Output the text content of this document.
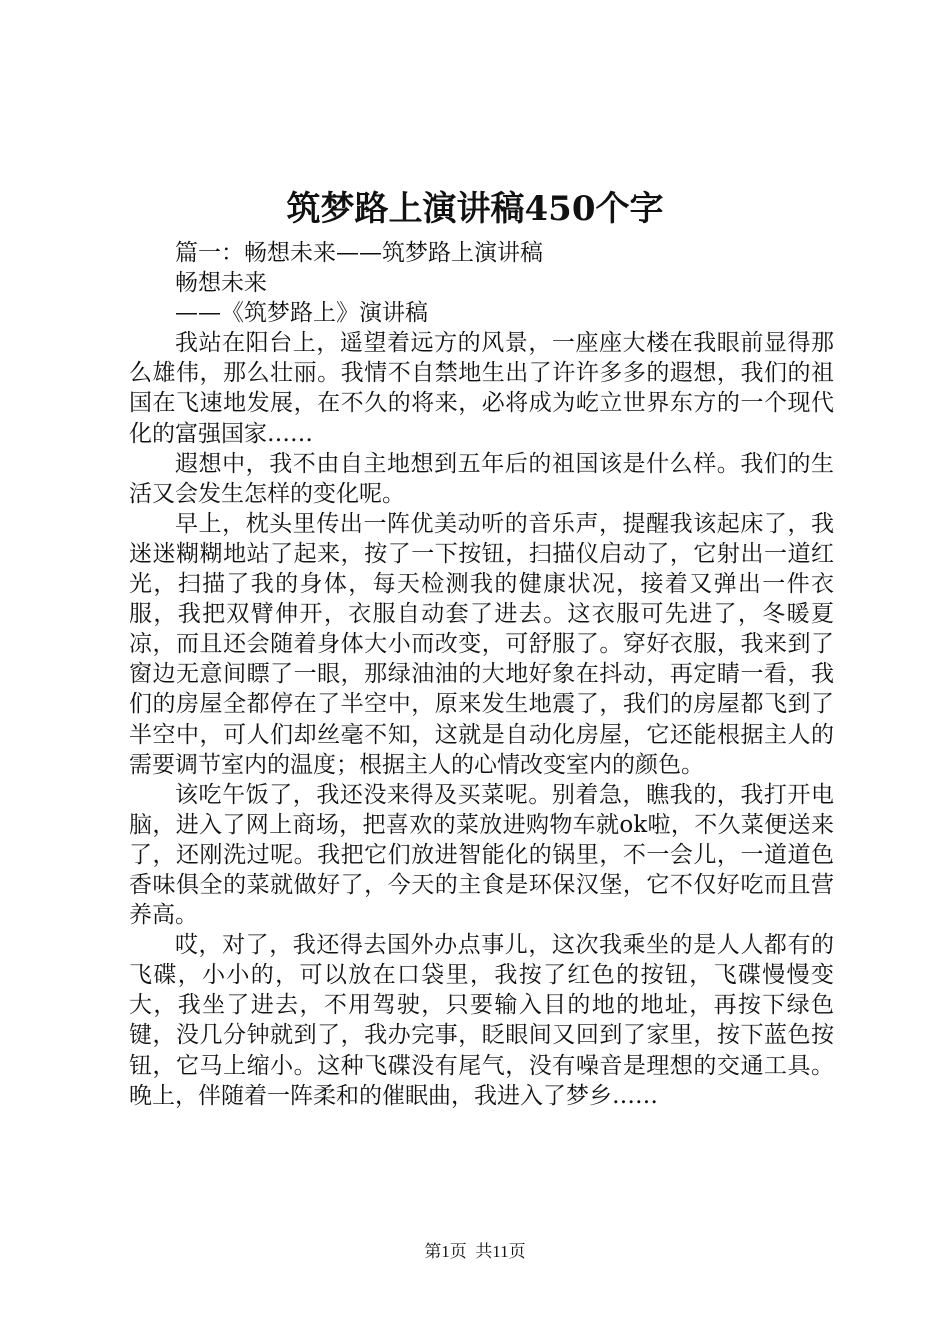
筑梦路上演讲稿450个字

篇一：畅想未来——筑梦路上演讲稿

畅想未来

——《筑梦路上》演讲稿

我站在阳台上，遥望着远方的风景，一座座大楼在我眼前显得那么雄伟，那么壮丽。我情不自禁地生出了许许多多的遐想，我们的祖国在飞速地发展，在不久的将来，必将成为屹立世界东方的一个现代化的富强国家……

遐想中，我不由自主地想到五年后的祖国该是什么样。我们的生活又会发生怎样的变化呢。

早上，枕头里传出一阵优美动听的音乐声，提醒我该起床了，我迷迷糊糊地站了起来，按了一下按钮，扫描仪启动了，它射出一道红光，扫描了我的身体，每天检测我的健康状况，接着又弹出一件衣服，我把双臂伸开，衣服自动套了进去。这衣服可先进了，冬暖夏凉，而且还会随着身体大小而改变，可舒服了。穿好衣服，我来到了窗边无意间瞟了一眼，那绿油油的大地好象在抖动，再定睛一看，我们的房屋全都停在了半空中，原来发生地震了，我们的房屋都飞到了半空中，可人们却丝毫不知，这就是自动化房屋，它还能根据主人的需要调节室内的温度；根据主人的心情改变室内的颜色。

该吃午饭了，我还没来得及买菜呢。别着急，瞧我的，我打开电脑，进入了网上商场，把喜欢的菜放进购物车就ok啦，不久菜便送来了，还刚洗过呢。我把它们放进智能化的锅里，不一会儿，一道道色香味俱全的菜就做好了，今天的主食是环保汉堡，它不仅好吃而且营养高。

哎，对了，我还得去国外办点事儿，这次我乘坐的是人人都有的飞碟，小小的，可以放在口袋里，我按了红色的按钮，飞碟慢慢变大，我坐了进去，不用驾驶，只要输入目的地的地址，再按下绿色键，没几分钟就到了，我办完事，眨眼间又回到了家里，按下蓝色按钮，它马上缩小。这种飞碟没有尾气，没有噪音是理想的交通工具。晚上，伴随着一阵柔和的催眠曲，我进入了梦乡……

第1页 共11页
